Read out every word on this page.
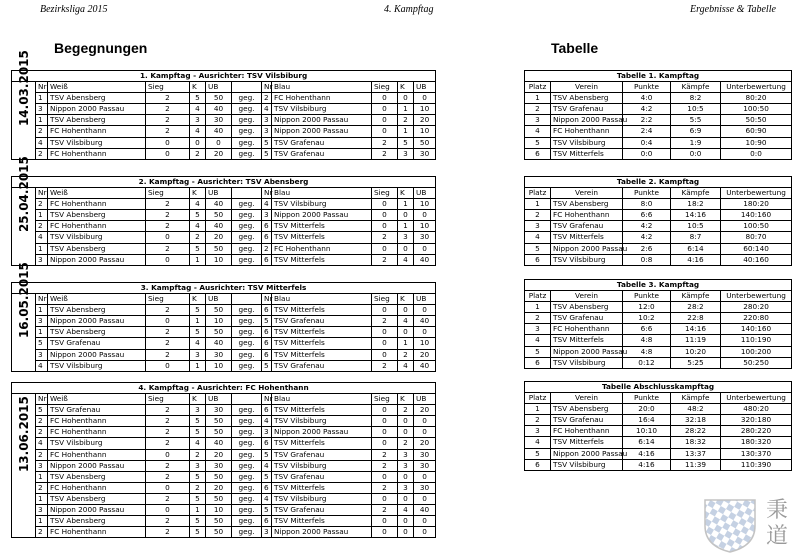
Bezirksliga 2015	4. Kampftag	Ergebnisse & Tabelle
Begegnungen	Tabelle
1. Kampftag - Ausrichter: TSV Vilsbiburg											

14.03.2015	Nr	Weiß	Sieg	K	UB		Nr	Blau	Sieg	K	UB
	1	TSV Abensberg	2	5	50	geg.	2	FC Hohenthann	0	0	0
	3	Nippon 2000 Passau	2	4	40	geg.	4	TSV Vilsbiburg	0	1	10
	1	TSV Abensberg	2	3	30	geg.	3	Nippon 2000 Passau	0	2	20
	2	FC Hohenthann	2	4	40	geg.	3	Nippon 2000 Passau	0	1	10
	4	TSV Vilsbiburg	0	0	0	geg.	5	TSV Grafenau	2	5	50
	2	FC Hohenthann	0	2	20	geg.	5	TSV Grafenau	2	3	30
2. Kampftag - Ausrichter: TSV Abensberg											

25.04.2015	Nr	Weiß	Sieg	K	UB		Nr	Blau	Sieg	K	UB
	2	FC Hohenthann	2	4	40	geg.	4	TSV Vilsbiburg	0	1	10
	1	TSV Abensberg	2	5	50	geg.	3	Nippon 2000 Passau	0	0	0
	2	FC Hohenthann	2	4	40	geg.	6	TSV Mitterfels	0	1	10
	4	TSV Vilsbiburg	0	2	20	geg.	6	TSV Mitterfels	2	3	30
	1	TSV Abensberg	2	5	50	geg.	2	FC Hohenthann	0	0	0
	3	Nippon 2000 Passau	0	1	10	geg.	6	TSV Mitterfels	2	4	40
3. Kampftag - Ausrichter: TSV Mitterfels											

16.05.2015	Nr	Weiß	Sieg	K	UB		Nr	Blau	Sieg	K	UB
	1	TSV Abensberg	2	5	50	geg.	6	TSV Mitterfels	0	0	0
	3	Nippon 2000 Passau	0	1	10	geg.	5	TSV Grafenau	2	4	40
	1	TSV Abensberg	2	5	50	geg.	6	TSV Mitterfels	0	0	0
	5	TSV Grafenau	2	4	40	geg.	6	TSV Mitterfels	0	1	10
	3	Nippon 2000 Passau	2	3	30	geg.	6	TSV Mitterfels	0	2	20
	4	TSV Vilsbiburg	0	1	10	geg.	5	TSV Grafenau	2	4	40
4. Kampftag - Ausrichter: FC Hohenthann											

13.06.2015	Nr	Weiß	Sieg	K	UB		Nr	Blau	Sieg	K	UB
	5	TSV Grafenau	2	3	30	geg.	6	TSV Mitterfels	0	2	20
	2	FC Hohenthann	2	5	50	geg.	4	TSV Vilsbiburg	0	0	0
	2	FC Hohenthann	2	5	50	geg.	3	Nippon 2000 Passau	0	0	0
	4	TSV Vilsbiburg	2	4	40	geg.	6	TSV Mitterfels	0	2	20
	2	FC Hohenthann	0	2	20	geg.	5	TSV Grafenau	2	3	30
	3	Nippon 2000 Passau	2	3	30	geg.	4	TSV Vilsbiburg	2	3	30
	1	TSV Abensberg	2	5	50	geg.	5	TSV Grafenau	0	0	0
	2	FC Hohenthann	0	2	20	geg.	6	TSV Mitterfels	2	3	30
	1	TSV Abensberg	2	5	50	geg.	4	TSV Vilsbiburg	0	0	0
	3	Nippon 2000 Passau	0	1	10	geg.	5	TSV Grafenau	2	4	40
	1	TSV Abensberg	2	5	50	geg.	6	TSV Mitterfels	0	0	0
	2	FC Hohenthann	2	5	50	geg.	3	Nippon 2000 Passau	0	0	0
Tabelle 1. Kampftag				
Platz	Verein	Punkte	Kämpfe	Unterbewertung
1	TSV Abensberg	4:0	8:2	80:20
2	TSV Grafenau	4:2	10:5	100:50
3	Nippon 2000 Passau	2:2	5:5	50:50
4	FC Hohenthann	2:4	6:9	60:90
5	TSV Vilsbiburg	0:4	1:9	10:90
6	TSV Mitterfels	0:0	0:0	0:0
Tabelle 2. Kampftag				
Platz	Verein	Punkte	Kämpfe	Unterbewertung
1	TSV Abensberg	8:0	18:2	180:20
2	FC Hohenthann	6:6	14:16	140:160
3	TSV Grafenau	4:2	10:5	100:50
4	TSV Mitterfels	4:2	8:7	80:70
5	Nippon 2000 Passau	2:6	6:14	60:140
6	TSV Vilsbiburg	0:8	4:16	40:160
Tabelle 3. Kampftag				
Platz	Verein	Punkte	Kämpfe	Unterbewertung
1	TSV Abensberg	12:0	28:2	280:20
2	TSV Grafenau	10:2	22:8	220:80
3	FC Hohenthann	6:6	14:16	140:160
4	TSV Mitterfels	4:8	11:19	110:190
5	Nippon 2000 Passau	4:8	10:20	100:200
6	TSV Vilsbiburg	0:12	5:25	50:250
Tabelle Abschlusskampftag				
Platz	Verein	Punkte	Kämpfe	Unterbewertung
1	TSV Abensberg	20:0	48:2	480:20
2	TSV Grafenau	16:4	32:18	320:180
3	FC Hohenthann	10:10	28:22	280:220
4	TSV Mitterfels	6:14	18:32	180:320
5	Nippon 2000 Passau	4:16	13:37	130:370
6	TSV Vilsbiburg	4:16	11:39	110:390
秉道
